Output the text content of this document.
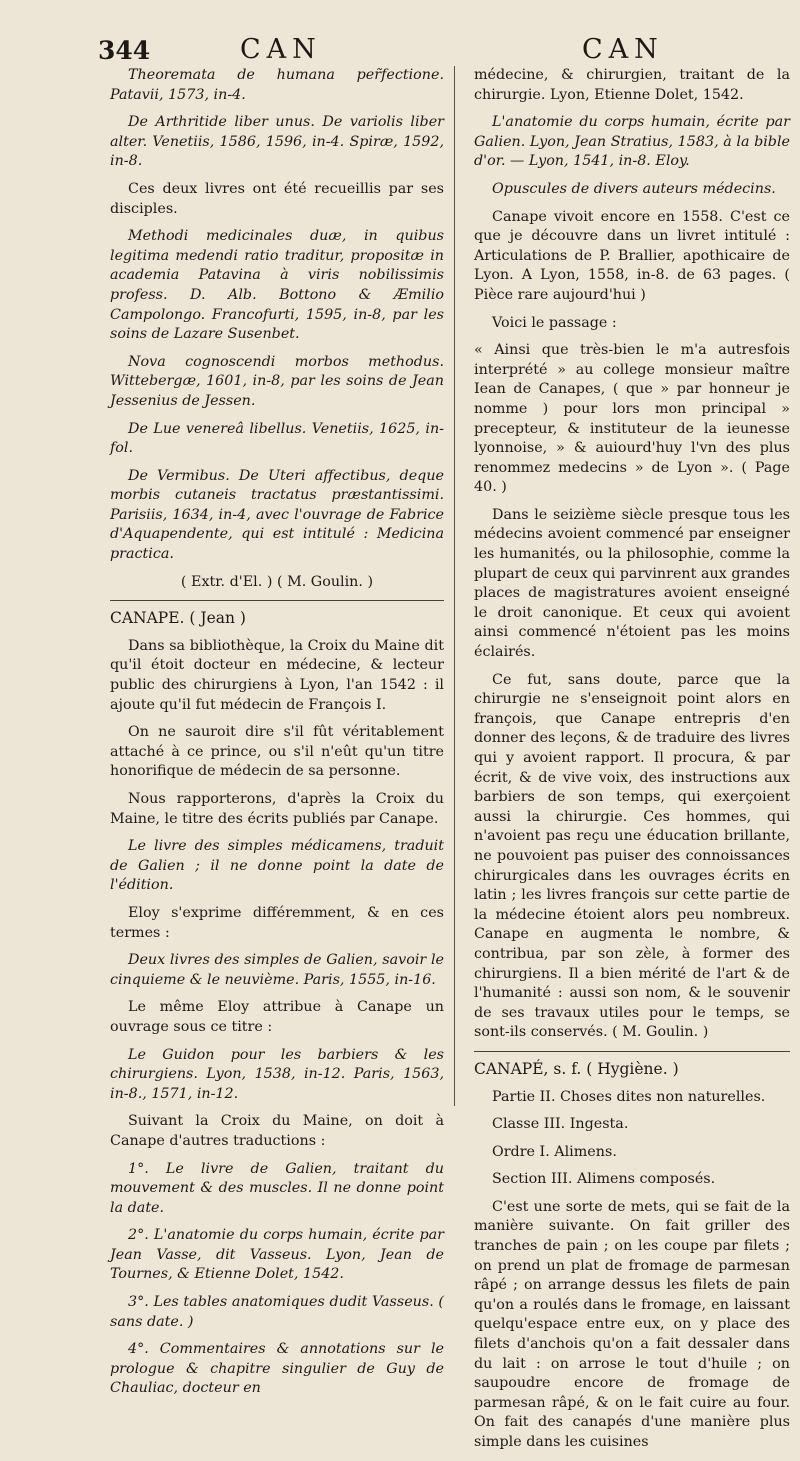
344	CAN	CAN

Theoremata de humana per̃fectione. Patavii, 1573, in-4.

De Arthritide liber unus. De variolis liber alter. Venetiis, 1586, 1596, in-4. Spiræ, 1592, in-8.

Ces deux livres ont été recueillis par ses disciples.

Methodi medicinales duæ, in quibus legitima medendi ratio traditur, propositæ in academia Patavina à viris nobilissimis profess. D. Alb. Bottono & Æmilio Campolongo. Francofurti, 1595, in-8, par les soins de Lazare Susenbet.

Nova cognoscendi morbos methodus. Wittebergæ, 1601, in-8, par les soins de Jean Jessenius de Jessen.

De Lue venereâ libellus. Venetiis, 1625, in-fol.

De Vermibus. De Uteri affectibus, deque morbis cutaneis tractatus præstantissimi. Parisiis, 1634, in-4, avec l'ouvrage de Fabrice d'Aquapendente, qui est intitulé : Medicina practica.

( Extr. d'El. ) ( M. Goulin. )

CANAPE. ( Jean )

Dans sa bibliothèque, la Croix du Maine dit qu'il étoit docteur en médecine, & lecteur public des chirurgiens à Lyon, l'an 1542 : il ajoute qu'il fut médecin de François I.

On ne sauroit dire s'il fût véritablement attaché à ce prince, ou s'il n'eût qu'un titre honorifique de médecin de sa personne.

Nous rapporterons, d'après la Croix du Maine, le titre des écrits publiés par Canape.

Le livre des simples médicamens, traduit de Galien ; il ne donne point la date de l'édition.

Eloy s'exprime différemment, & en ces termes :

Deux livres des simples de Galien, savoir le cinquieme & le neuvième. Paris, 1555, in-16.

Le même Eloy attribue à Canape un ouvrage sous ce titre :

Le Guidon pour les barbiers & les chirurgiens. Lyon, 1538, in-12. Paris, 1563, in-8., 1571, in-12.

Suivant la Croix du Maine, on doit à Canape d'autres traductions :

1°. Le livre de Galien, traitant du mouvement & des muscles. Il ne donne point la date.

2°. L'anatomie du corps humain, écrite par Jean Vasse, dit Vasseus. Lyon, Jean de Tournes, & Etienne Dolet, 1542.

3°. Les tables anatomiques dudit Vasseus. ( sans date. )

4°. Commentaires & annotations sur le prologue & chapitre singulier de Guy de Chauliac, docteur en

médecine, & chirurgien, traitant de la chirurgie. Lyon, Etienne Dolet, 1542.

L'anatomie du corps humain, écrite par Galien. Lyon, Jean Stratius, 1583, à la bible d'or. — Lyon, 1541, in-8. Eloy.

Opuscules de divers auteurs médecins.

Canape vivoit encore en 1558. C'est ce que je découvre dans un livret intitulé : Articulations de P. Brallier, apothicaire de Lyon. A Lyon, 1558, in-8. de 63 pages. ( Pièce rare aujourd'hui )

Voici le passage :

« Ainsi que très-bien le m'a autresfois interprété » au college monsieur maître Iean de Canapes, ( que » par honneur je nomme ) pour lors mon principal » precepteur, & instituteur de la ieunesse lyonnoise, » & auiourd'huy l'vn des plus renommez medecins » de Lyon ». ( Page 40. )

Dans le seizième siècle presque tous les médecins avoient commencé par enseigner les humanités, ou la philosophie, comme la plupart de ceux qui parvinrent aux grandes places de magistratures avoient enseigné le droit canonique. Et ceux qui avoient ainsi commencé n'étoient pas les moins éclairés.

Ce fut, sans doute, parce que la chirurgie ne s'enseignoit point alors en françois, que Canape entrepris d'en donner des leçons, & de traduire des livres qui y avoient rapport. Il procura, & par écrit, & de vive voix, des instructions aux barbiers de son temps, qui exerçoient aussi la chirurgie. Ces hommes, qui n'avoient pas reçu une éducation brillante, ne pouvoient pas puiser des connoissances chirurgicales dans les ouvrages écrits en latin ; les livres françois sur cette partie de la médecine étoient alors peu nombreux. Canape en augmenta le nombre, & contribua, par son zèle, à former des chirurgiens. Il a bien mérité de l'art & de l'humanité : aussi son nom, & le souvenir de ses travaux utiles pour le temps, se sont-ils conservés. ( M. Goulin. )

CANAPÉ, s. f. ( Hygiène. )

Partie II. Choses dites non naturelles.

Classe III. Ingesta.

Ordre I. Alimens.

Section III. Alimens composés.

C'est une sorte de mets, qui se fait de la manière suivante. On fait griller des tranches de pain ; on les coupe par filets ; on prend un plat de fromage de parmesan râpé ; on arrange dessus les filets de pain qu'on a roulés dans le fromage, en laissant quelqu'espace entre eux, on y place des filets d'anchois qu'on a fait dessaler dans du lait : on arrose le tout d'huile ; on saupoudre encore de fromage de parmesan râpé, & on le fait cuire au four. On fait des canapés d'une manière plus simple dans les cuisines
